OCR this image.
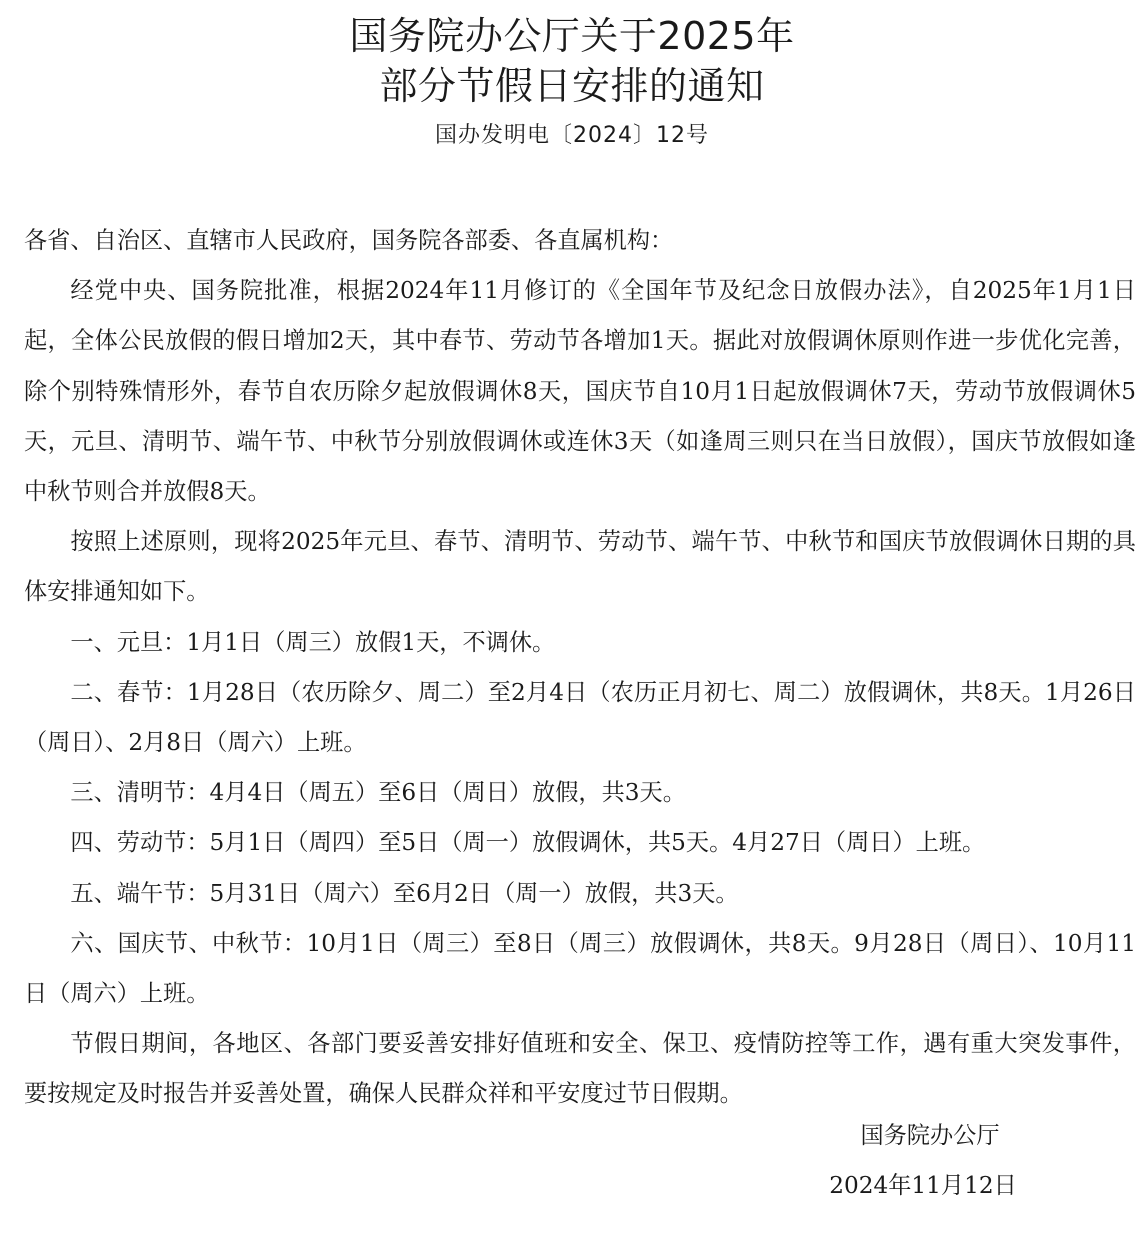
国务院办公厅关于2025年
部分节假日安排的通知
国办发明电〔2024〕12号

各省、自治区、直辖市人民政府，国务院各部委、各直属机构：

经党中央、国务院批准，根据2024年11月修订的《全国年节及纪念日放假办法》，自2025年1月1日起，全体公民放假的假日增加2天，其中春节、劳动节各增加1天。据此对放假调休原则作进一步优化完善，除个别特殊情形外，春节自农历除夕起放假调休8天，国庆节自10月1日起放假调休7天，劳动节放假调休5天，元旦、清明节、端午节、中秋节分别放假调休或连休3天（如逢周三则只在当日放假），国庆节放假如逢中秋节则合并放假8天。

按照上述原则，现将2025年元旦、春节、清明节、劳动节、端午节、中秋节和国庆节放假调休日期的具体安排通知如下。

一、元旦：1月1日（周三）放假1天，不调休。

二、春节：1月28日（农历除夕、周二）至2月4日（农历正月初七、周二）放假调休，共8天。1月26日（周日）、2月8日（周六）上班。

三、清明节：4月4日（周五）至6日（周日）放假，共3天。

四、劳动节：5月1日（周四）至5日（周一）放假调休，共5天。4月27日（周日）上班。

五、端午节：5月31日（周六）至6月2日（周一）放假，共3天。

六、国庆节、中秋节：10月1日（周三）至8日（周三）放假调休，共8天。9月28日（周日）、10月11日（周六）上班。

节假日期间，各地区、各部门要妥善安排好值班和安全、保卫、疫情防控等工作，遇有重大突发事件，要按规定及时报告并妥善处置，确保人民群众祥和平安度过节日假期。

国务院办公厅
2024年11月12日
